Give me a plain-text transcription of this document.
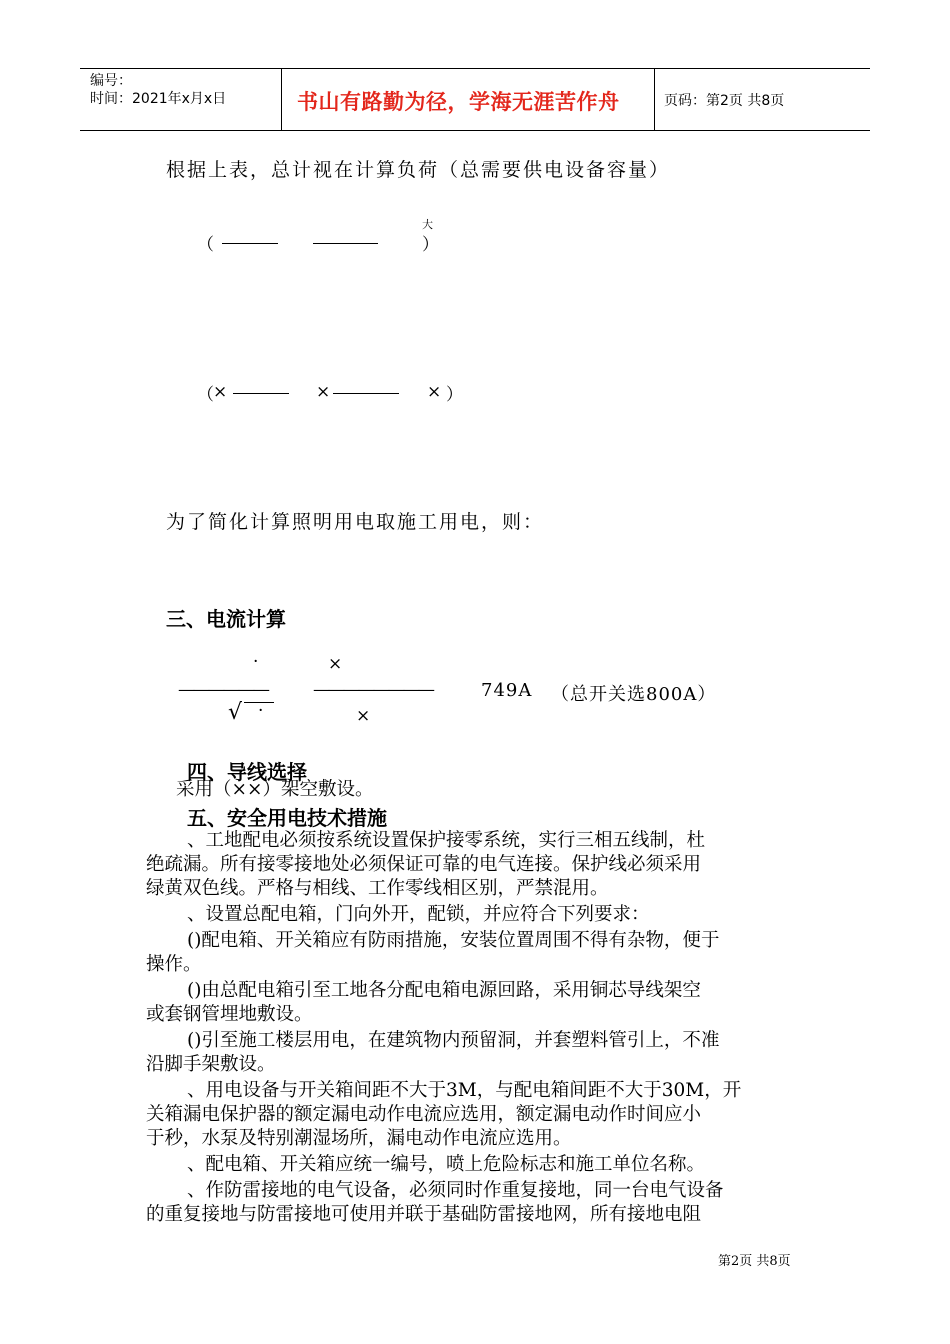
编号：
时间：2021年x月x日	书山有路勤为径，学海无涯苦作舟	页码：第2页 共8页
根据上表，总计视在计算负荷（总需要供电设备容量）
（
大
）
（ ×	×	× ）
为了简化计算照明用电取施工用电，则：
三、电流计算
·	×
——————	————————	749A （总开关选800A）
√ ·	×
四、导线选择
采用（××）架空敷设。
五、安全用电技术措施
、工地配电必须按系统设置保护接零系统，实行三相五线制，杜
绝疏漏。所有接零接地处必须保证可靠的电气连接。保护线必须采用
绿黄双色线。严格与相线、工作零线相区别，严禁混用。
、设置总配电箱，门向外开，配锁，并应符合下列要求：
()配电箱、开关箱应有防雨措施，安装位置周围不得有杂物，便于
操作。
()由总配电箱引至工地各分配电箱电源回路，采用铜芯导线架空
或套钢管埋地敷设。
()引至施工楼层用电，在建筑物内预留洞，并套塑料管引上，不准
沿脚手架敷设。
、用电设备与开关箱间距不大于3M，与配电箱间距不大于30M，开
关箱漏电保护器的额定漏电动作电流应选用，额定漏电动作时间应小
于秒，水泵及特别潮湿场所，漏电动作电流应选用。
、配电箱、开关箱应统一编号，喷上危险标志和施工单位名称。
、作防雷接地的电气设备，必须同时作重复接地，同一台电气设备
的重复接地与防雷接地可使用并联于基础防雷接地网，所有接地电阻
第2页 共8页
